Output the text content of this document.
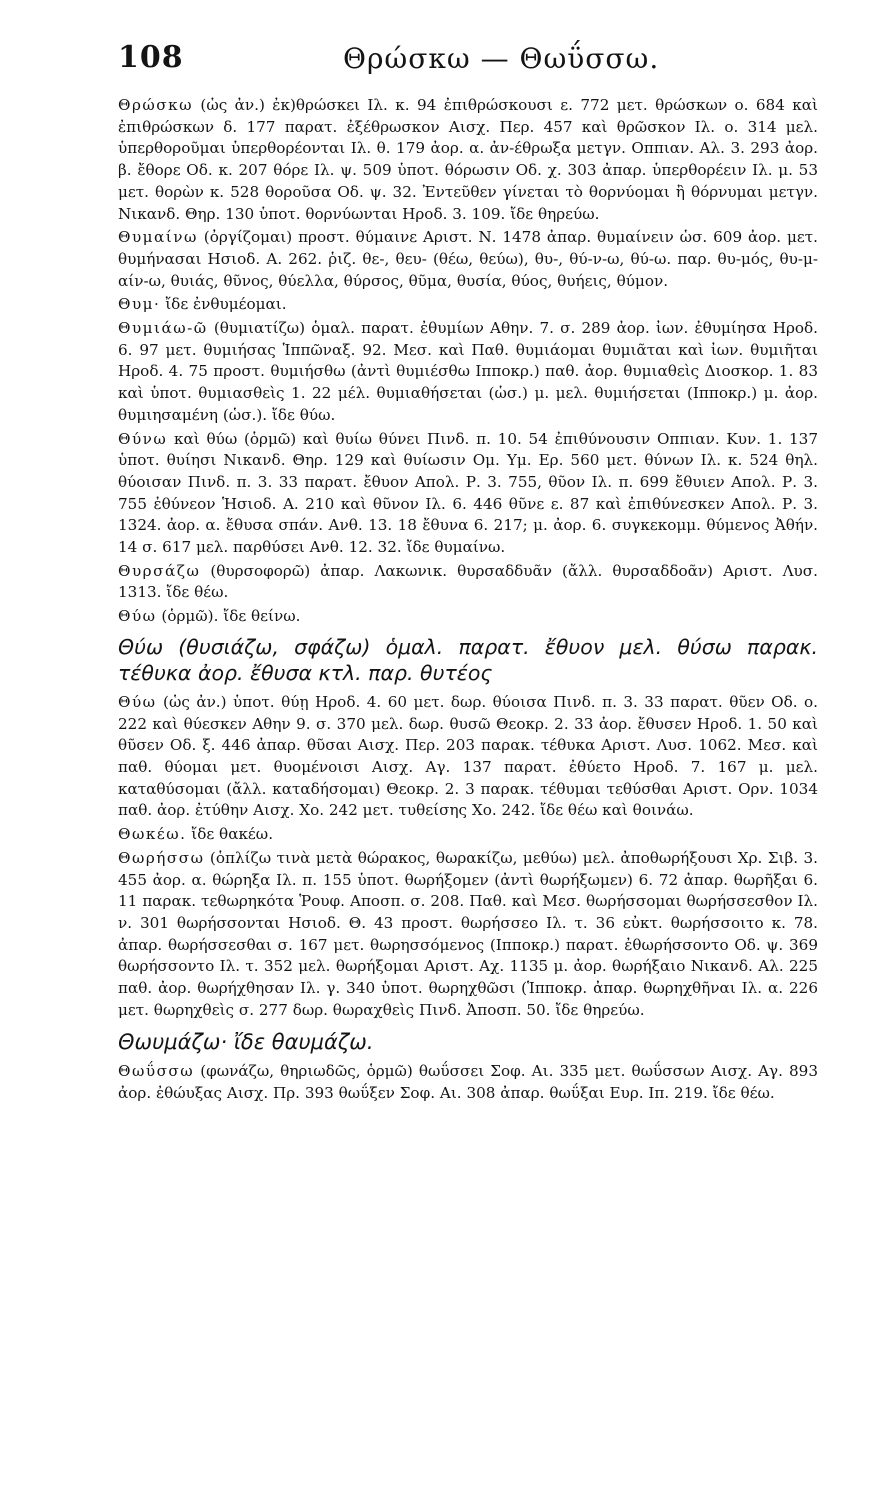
108	Θρώσκω — Θωΰσσω.

Θρώσκω (ὡς ἀν.) ἐκ)θρώσκει Ιλ. κ. 94 ἐπιθρώσκουσι ε. 772 μετ. θρώσκων ο. 684 καὶ ἐπιθρώσκων δ. 177 παρατ. ἐξέθρωσκον Αισχ. Περ. 457 καὶ θρῶσκον Ιλ. ο. 314 μελ. ὑπερθοροῦμαι ὑπερθορέονται Ιλ. θ. 179 ἀορ. α. ἀν-έθρωξα μετγν. Οππιαν. Αλ. 3. 293 ἀορ. β. ἔθορε Οδ. κ. 207 θόρε Ιλ. ψ. 509 ὑποτ. θόρωσιν Οδ. χ. 303 ἀπαρ. ὑπερθορέειν Ιλ. μ. 53 μετ. θορὼν κ. 528 θοροῦσα Οδ. ψ. 32. Ἐντεῦθεν γίνεται τὸ θορνύομαι ἢ θόρνυμαι μετγν. Νικανδ. Θηρ. 130 ὑποτ. θορνύωνται Ηροδ. 3. 109. ἴδε θηρεύω.

Θυμαίνω (ὀργίζομαι) προστ. θύμαινε Αριστ. Ν. 1478 ἀπαρ. θυμαίνειν ὡσ. 609 ἀορ. μετ. θυμήνασαι Ησιοδ. Α. 262. ῥιζ. θε-, θευ- (θέω, θεύω), θυ-, θύ-ν-ω, θύ-ω. παρ. θυ-μός, θυ-μ-αίν-ω, θυιάς, θῦνος, θύελλα, θύρσος, θῦμα, θυσία, θύος, θυήεις, θύμον.

Θυμ· ἴδε ἐνθυμέομαι.

Θυμιάω-ῶ (θυμιατίζω) ὁμαλ. παρατ. ἐθυμίων Αθην. 7. σ. 289 ἀορ. ἰων. ἐθυμίησα Ηροδ. 6. 97 μετ. θυμιήσας Ἱππῶναξ. 92. Μεσ. καὶ Παθ. θυμιάομαι θυμιᾶται καὶ ἰων. θυμιῆται Ηροδ. 4. 75 προστ. θυμιήσθω (ἀντὶ θυμιέσθω Ιπποκρ.) παθ. ἀορ. θυμιαθεὶς Διοσκορ. 1. 83 καὶ ὑποτ. θυμιασθεὶς 1. 22 μέλ. θυμιαθήσεται (ὡσ.) μ. μελ. θυμιήσεται (Ιπποκρ.) μ. ἀορ. θυμιησαμένη (ὡσ.). ἴδε θύω.

Θύνω καὶ θύω (ὁρμῶ) καὶ θυίω θύνει Πινδ. π. 10. 54 ἐπιθύνουσιν Οππιαν. Κυν. 1. 137 ὑποτ. θυίησι Νικανδ. Θηρ. 129 καὶ θυίωσιν Ομ. Υμ. Ερ. 560 μετ. θύνων Ιλ. κ. 524 θηλ. θύοισαν Πινδ. π. 3. 33 παρατ. ἔθυον Απολ. Ρ. 3. 755, θῦον Ιλ. π. 699 ἔθυιεν Απολ. Ρ. 3. 755 ἐθύνεον Ἡσιοδ. Α. 210 καὶ θῦνον Ιλ. 6. 446 θῦνε ε. 87 καὶ ἐπιθύνεσκεν Απολ. Ρ. 3. 1324. ἀορ. α. ἔθυσα σπάν. Ανθ. 13. 18 ἔθυνα 6. 217; μ. ἀορ. 6. συγκεκομμ. θύμενος Ἀθήν. 14 σ. 617 μελ. παρθύσει Ανθ. 12. 32. ἴδε θυμαίνω.

Θυρσάζω (θυρσοφορῶ) ἀπαρ. Λακωνικ. θυρσαδδυᾶν (ἄλλ. θυρσαδδοᾶν) Αριστ. Λυσ. 1313. ἴδε θέω.

Θύω (ὁρμῶ). ἴδε θείνω.

Θύω (θυσιάζω, σφάζω) ὁμαλ. παρατ. ἔθυον μελ. θύσω παρακ. τέθυκα ἀορ. ἔθυσα κτλ. παρ. θυτέος

Θύω (ὡς ἀν.) ὑποτ. θύῃ Ηροδ. 4. 60 μετ. δωρ. θύοισα Πινδ. π. 3. 33 παρατ. θῦεν Οδ. ο. 222 καὶ θύεσκεν Αθην 9. σ. 370 μελ. δωρ. θυσῶ Θεοκρ. 2. 33 ἀορ. ἔθυσεν Ηροδ. 1. 50 καὶ θῦσεν Οδ. ξ. 446 ἀπαρ. θῦσαι Αισχ. Περ. 203 παρακ. τέθυκα Αριστ. Λυσ. 1062. Μεσ. καὶ παθ. θύομαι μετ. θυομένοισι Αισχ. Αγ. 137 παρατ. ἐθύετο Ηροδ. 7. 167 μ. μελ. καταθύσομαι (ἄλλ. καταδήσομαι) Θεοκρ. 2. 3 παρακ. τέθυμαι τεθύσθαι Αριστ. Ορν. 1034 παθ. ἀορ. ἐτύθην Αισχ. Χο. 242 μετ. τυθείσης Χο. 242. ἴδε θέω καὶ θοινάω.

Θωκέω. ἴδε θακέω.

Θωρήσσω (ὁπλίζω τινὰ μετὰ θώρακος, θωρακίζω, μεθύω) μελ. ἀποθωρήξουσι Χρ. Σιβ. 3. 455 ἀορ. α. θώρηξα Ιλ. π. 155 ὑποτ. θωρήξομεν (ἀντὶ θωρήξωμεν) 6. 72 ἀπαρ. θωρῆξαι 6. 11 παρακ. τεθωρηκότα Ῥουφ. Αποσπ. σ. 208. Παθ. καὶ Μεσ. θωρήσσομαι θωρήσσεσθον Ιλ. ν. 301 θωρήσσονται Ησιοδ. Θ. 43 προστ. θωρήσσεο Ιλ. τ. 36 εὐκτ. θωρήσσοιτο κ. 78. ἀπαρ. θωρήσσεσθαι σ. 167 μετ. θωρησσόμενος (Ιπποκρ.) παρατ. ἐθωρήσσοντο Οδ. ψ. 369 θωρήσσοντο Ιλ. τ. 352 μελ. θωρήξομαι Αριστ. Αχ. 1135 μ. ἀορ. θωρήξαιο Νικανδ. Αλ. 225 παθ. ἀορ. θωρήχθησαν Ιλ. γ. 340 ὑποτ. θωρηχθῶσι (Ἱπποκρ. ἀπαρ. θωρηχθῆναι Ιλ. α. 226 μετ. θωρηχθεὶς σ. 277 δωρ. θωραχθεὶς Πινδ. Ἀποσπ. 50. ἴδε θηρεύω.

Θωυμάζω· ἴδε θαυμάζω.

Θωΰσσω (φωνάζω, θηριωδῶς, ὁρμῶ) θωΰσσει Σοφ. Αι. 335 μετ. θωΰσσων Αισχ. Αγ. 893 ἀορ. ἐθώυξας Αισχ. Πρ. 393 θωΰξεν Σοφ. Αι. 308 ἀπαρ. θωΰξαι Ευρ. Ιπ. 219. ἴδε θέω.
